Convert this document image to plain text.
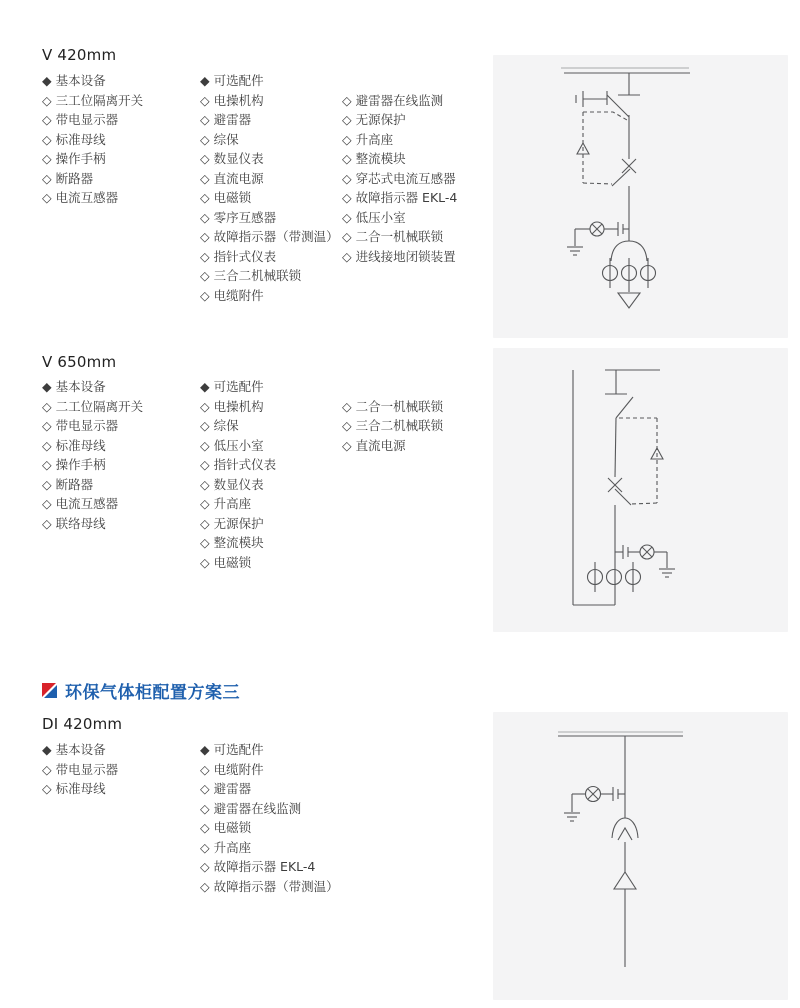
V 420mm
◆ 基本设备
◇ 三工位隔离开关
◇ 带电显示器
◇ 标准母线
◇ 操作手柄
◇ 断路器
◇ 电流互感器
◆ 可选配件
◇ 电操机构
◇ 避雷器
◇ 综保
◇ 数显仪表
◇ 直流电源
◇ 电磁锁
◇ 零序互感器
◇ 故障指示器（带测温）
◇ 指针式仪表
◇ 三合二机械联锁
◇ 电缆附件
◇ 避雷器在线监测
◇ 无源保护
◇ 升高座
◇ 整流模块
◇ 穿芯式电流互感器
◇ 故障指示器 EKL-4
◇ 低压小室
◇ 二合一机械联锁
◇ 进线接地闭锁装置
V 650mm
◆ 基本设备
◇ 二工位隔离开关
◇ 带电显示器
◇ 标准母线
◇ 操作手柄
◇ 断路器
◇ 电流互感器
◇ 联络母线
◆ 可选配件
◇ 电操机构
◇ 综保
◇ 低压小室
◇ 指针式仪表
◇ 数显仪表
◇ 升高座
◇ 无源保护
◇ 整流模块
◇ 电磁锁
◇ 二合一机械联锁
◇ 三合二机械联锁
◇ 直流电源
环保气体柜配置方案三
DI 420mm
◆ 基本设备
◇ 带电显示器
◇ 标准母线
◆ 可选配件
◇ 电缆附件
◇ 避雷器
◇ 避雷器在线监测
◇ 电磁锁
◇ 升高座
◇ 故障指示器 EKL-4
◇ 故障指示器（带测温）
